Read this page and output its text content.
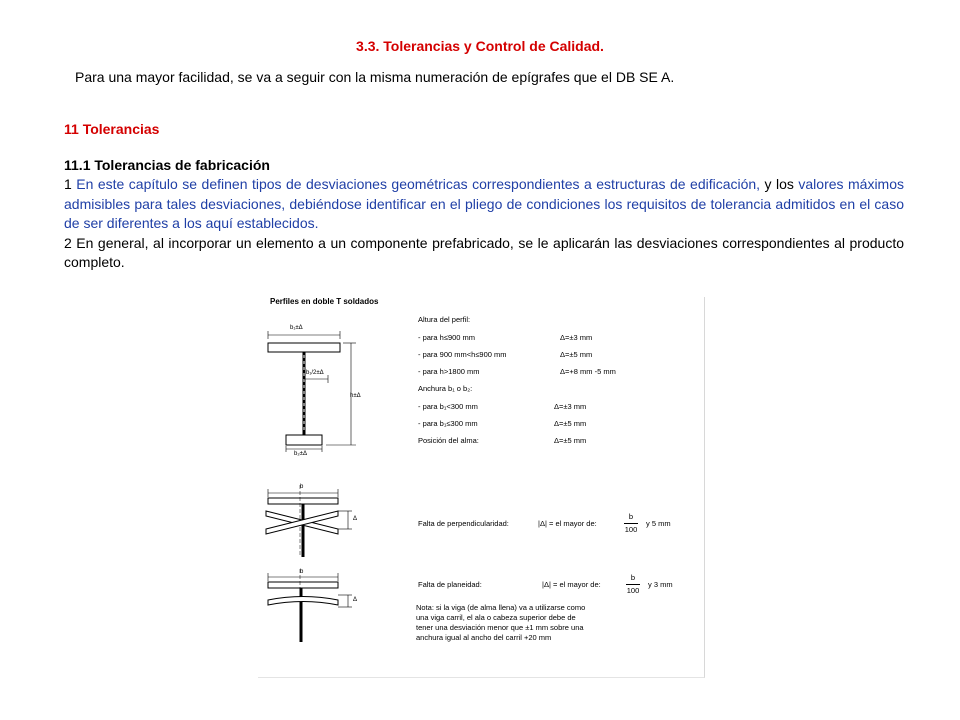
3.3. Tolerancias y Control de Calidad.
Para una mayor facilidad, se va a seguir con la misma numeración de epígrafes que el DB SE A.

11 Tolerancias

11.1 Tolerancias de fabricación

1 En este capítulo se definen tipos de desviaciones geométricas correspondientes a estructuras de edificación, y los valores máximos admisibles para tales desviaciones, debiéndose identificar en el pliego de condiciones los requisitos de tolerancia admitidos en el caso de ser diferentes a los aquí establecidos.

2 En general, al incorporar un elemento a un componente prefabricado, se le aplicarán las desviaciones correspondientes al producto completo.

Perfiles en doble T soldados
b₁±Δ
b₁/2±Δ
h±Δ
b₂±Δ
b
Δ
b
Δ
Altura del perfil:
- para h≤900 mm	Δ=±3 mm
- para 900 mm<h≤900 mm	Δ=±5 mm
- para h>1800 mm	Δ=+8 mm -5 mm
Anchura b₁ o b₂:
- para b₁<300 mm	Δ=±3 mm
- para b₁≤300 mm	Δ=±5 mm
Posición del alma:	Δ=±5 mm
Falta de perpendicularidad:	|Δ| = el mayor de:
b
100
y 5 mm
Falta de planeidad:	|Δ| = el mayor de:
b
100
y 3 mm
Nota: si la viga (de alma llena) va a utilizarse como una viga carril, el ala o cabeza superior debe de tener una desviación menor que ±1 mm sobre una anchura igual al ancho del carril +20 mm
